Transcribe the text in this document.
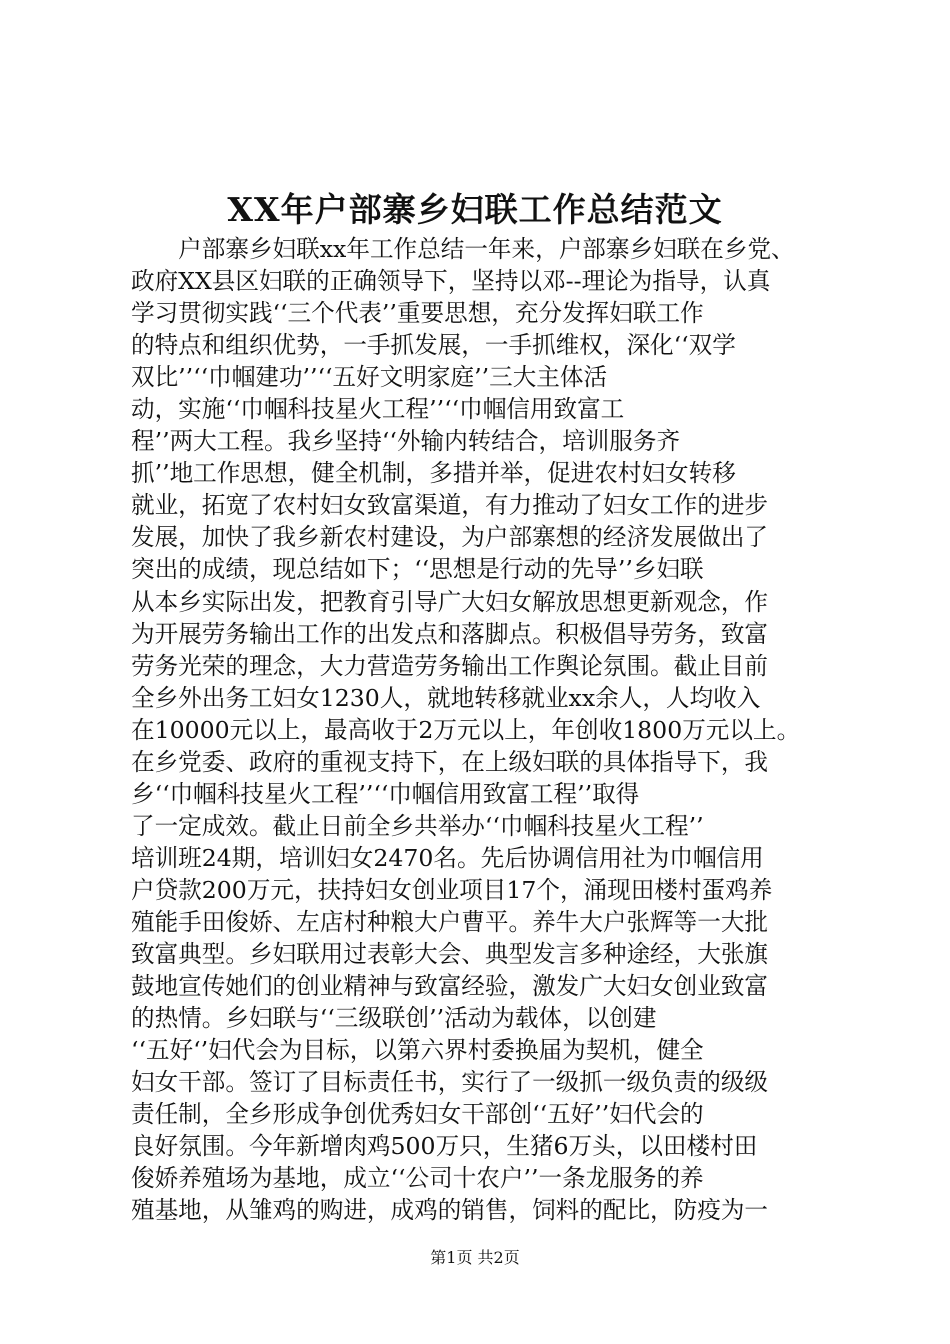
XX年户部寨乡妇联工作总结范文
　　户部寨乡妇联xx年工作总结一年来，户部寨乡妇联在乡党、
政府XX县区妇联的正确领导下，坚持以邓--理论为指导，认真
学习贯彻实践‘‘三个代表’’重要思想，充分发挥妇联工作
的特点和组织优势，一手抓发展，一手抓维权，深化‘‘双学
双比’’‘‘巾帼建功’’‘‘五好文明家庭’’三大主体活
动，实施‘‘巾帼科技星火工程’’‘‘巾帼信用致富工
程’’两大工程。我乡坚持‘‘外输内转结合，培训服务齐
抓’’地工作思想，健全机制，多措并举，促进农村妇女转移
就业，拓宽了农村妇女致富渠道，有力推动了妇女工作的进步
发展，加快了我乡新农村建设，为户部寨想的经济发展做出了
突出的成绩，现总结如下；‘‘思想是行动的先导’’乡妇联
从本乡实际出发，把教育引导广大妇女解放思想更新观念，作
为开展劳务输出工作的出发点和落脚点。积极倡导劳务，致富
劳务光荣的理念，大力营造劳务输出工作舆论氛围。截止目前
全乡外出务工妇女1230人，就地转移就业xx余人，人均收入
在10000元以上，最高收于2万元以上，年创收1800万元以上。
在乡党委、政府的重视支持下，在上级妇联的具体指导下，我
乡‘‘巾帼科技星火工程’’‘‘巾帼信用致富工程’’取得
了一定成效。截止日前全乡共举办‘‘巾帼科技星火工程’’
培训班24期，培训妇女2470名。先后协调信用社为巾帼信用
户贷款200万元，扶持妇女创业项目17个，涌现田楼村蛋鸡养
殖能手田俊娇、左店村种粮大户曹平。养牛大户张辉等一大批
致富典型。乡妇联用过表彰大会、典型发言多种途经，大张旗
鼓地宣传她们的创业精神与致富经验，激发广大妇女创业致富
的热情。乡妇联与‘‘三级联创’’活动为载体，以创建
‘‘五好‘’妇代会为目标，以第六界村委换届为契机，健全
妇女干部。签订了目标责任书，实行了一级抓一级负责的级级
责任制，全乡形成争创优秀妇女干部创‘‘五好’’妇代会的
良好氛围。今年新增肉鸡500万只，生猪6万头，以田楼村田
俊娇养殖场为基地，成立‘‘公司十农户’’一条龙服务的养
殖基地，从雏鸡的购进，成鸡的销售，饲料的配比，防疫为一
第1页 共2页
